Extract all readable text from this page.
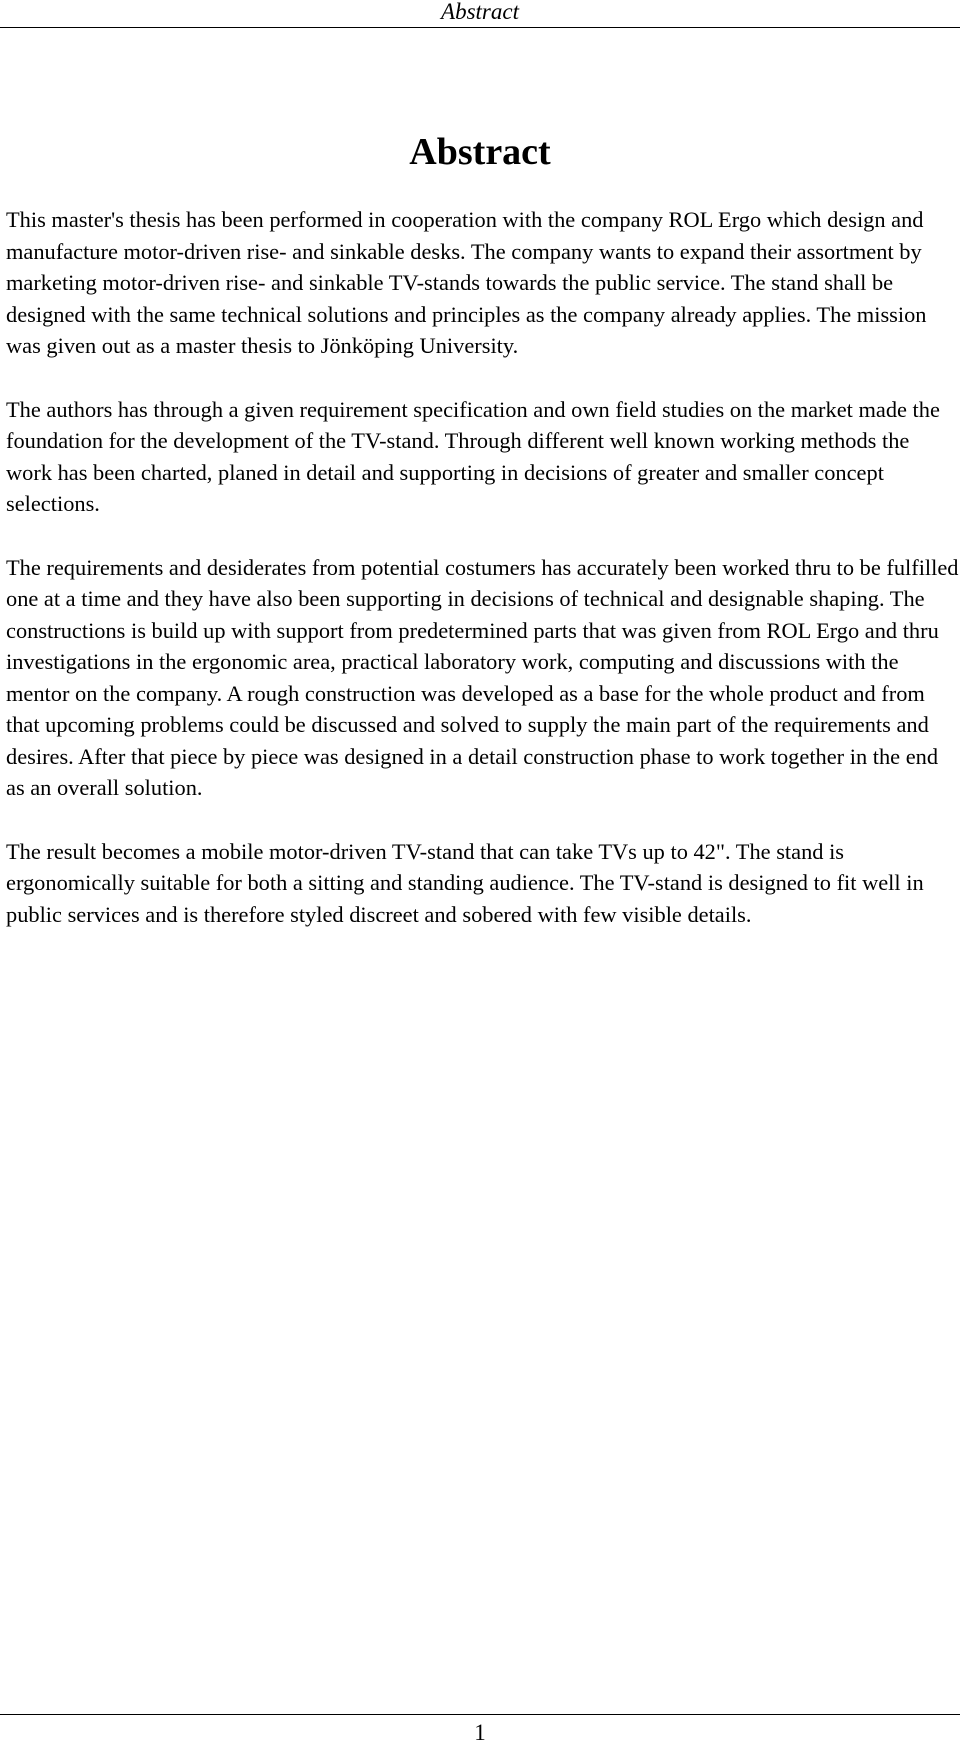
Abstract
Abstract

This master's thesis has been performed in cooperation with the company ROL Ergo which design and manufacture motor-driven rise- and sinkable desks. The company wants to expand their assortment by marketing motor-driven rise- and sinkable TV-stands towards the public service. The stand shall be designed with the same technical solutions and principles as the company already applies. The mission was given out as a master thesis to Jönköping University.

The authors has through a given requirement specification and own field studies on the market made the foundation for the development of the TV-stand. Through different well known working methods the work has been charted, planed in detail and supporting in decisions of greater and smaller concept selections.

The requirements and desiderates from potential costumers has accurately been worked thru to be fulfilled one at a time and they have also been supporting in decisions of technical and designable shaping. The constructions is build up with support from predetermined parts that was given from ROL Ergo and thru investigations in the ergonomic area, practical laboratory work, computing and discussions with the mentor on the company. A rough construction was developed as a base for the whole product and from that upcoming problems could be discussed and solved to supply the main part of the requirements and desires. After that piece by piece was designed in a detail construction phase to work together in the end as an overall solution.

The result becomes a mobile motor-driven TV-stand that can take TVs up to 42". The stand is ergonomically suitable for both a sitting and standing audience. The TV-stand is designed to fit well in public services and is therefore styled discreet and sobered with few visible details.

1
